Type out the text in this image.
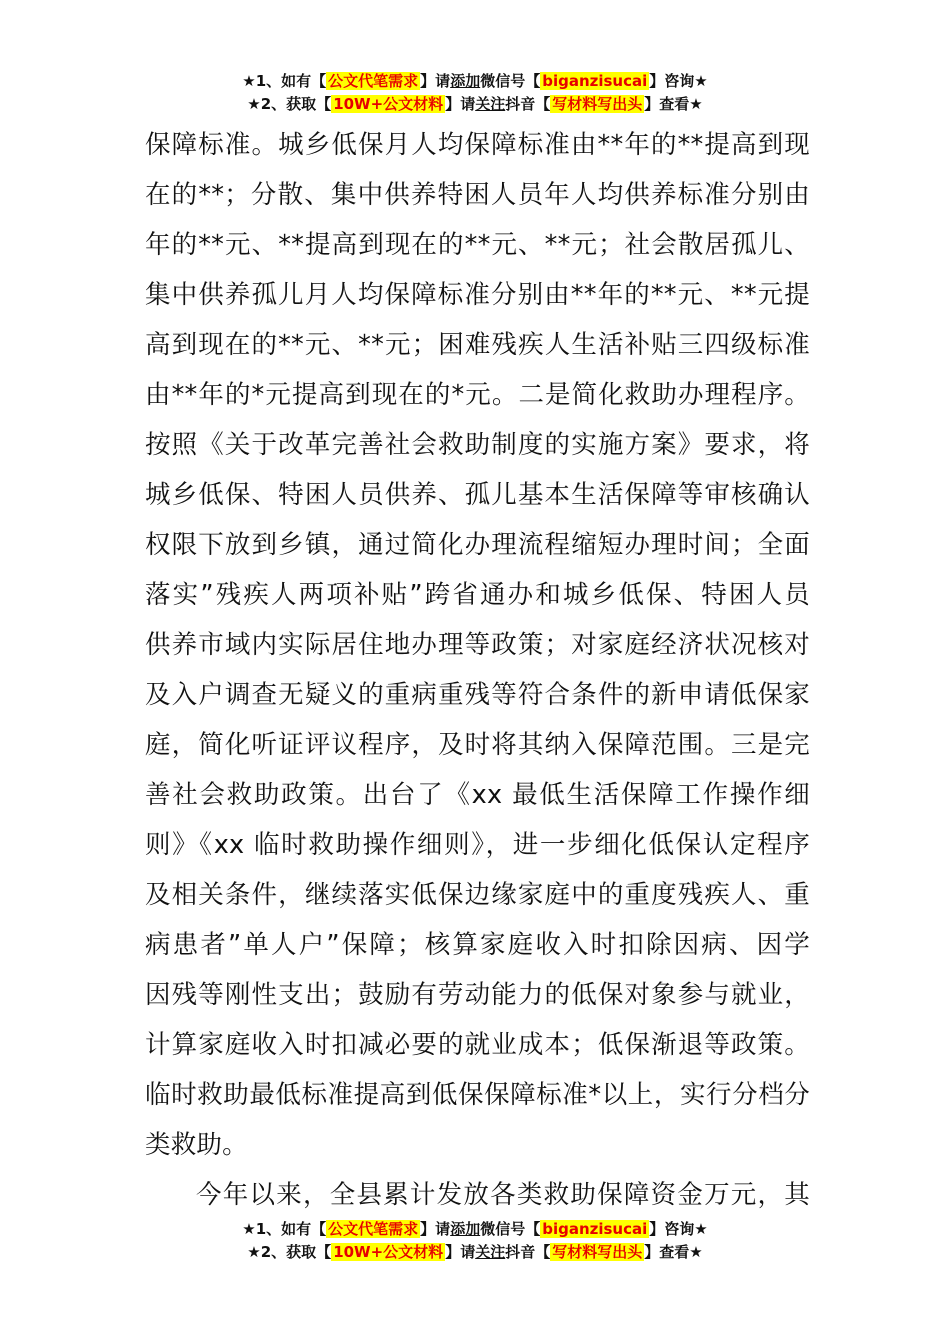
★1、如有【 公文代笔需求 】请添加微信号【 biganzisucai 】咨询★
★2、获取【 10W+公文材料 】请关注抖音【 写材料写出头 】查看★
保障标准。城乡低保月人均保障标准由**年的**提高到现
在的**；分散、集中供养特困人员年人均供养标准分别由
年的**元、**提高到现在的**元、**元；社会散居孤儿、
集中供养孤儿月人均保障标准分别由**年的**元、**元提
高到现在的**元、**元；困难残疾人生活补贴三四级标准
由**年的*元提高到现在的*元。二是简化救助办理程序。
按照《关于改革完善社会救助制度的实施方案》要求，将
城乡低保、特困人员供养、孤儿基本生活保障等审核确认
权限下放到乡镇，通过简化办理流程缩短办理时间；全面
落实”残疾人两项补贴”跨省通办和城乡低保、特困人员
供养市域内实际居住地办理等政策；对家庭经济状况核对
及入户调查无疑义的重病重残等符合条件的新申请低保家
庭，简化听证评议程序，及时将其纳入保障范围。三是完
善社会救助政策。出台了《xx 最低生活保障工作操作细
则》《xx 临时救助操作细则》，进一步细化低保认定程序
及相关条件，继续落实低保边缘家庭中的重度残疾人、重
病患者”单人户”保障；核算家庭收入时扣除因病、因学
因残等刚性支出；鼓励有劳动能力的低保对象参与就业，
计算家庭收入时扣减必要的就业成本；低保渐退等政策。
临时救助最低标准提高到低保保障标准*以上，实行分档分
类救助。
今年以来，全县累计发放各类救助保障资金万元，其
★1、如有【 公文代笔需求 】请添加微信号【 biganzisucai 】咨询★
★2、获取【 10W+公文材料 】请关注抖音【 写材料写出头 】查看★
